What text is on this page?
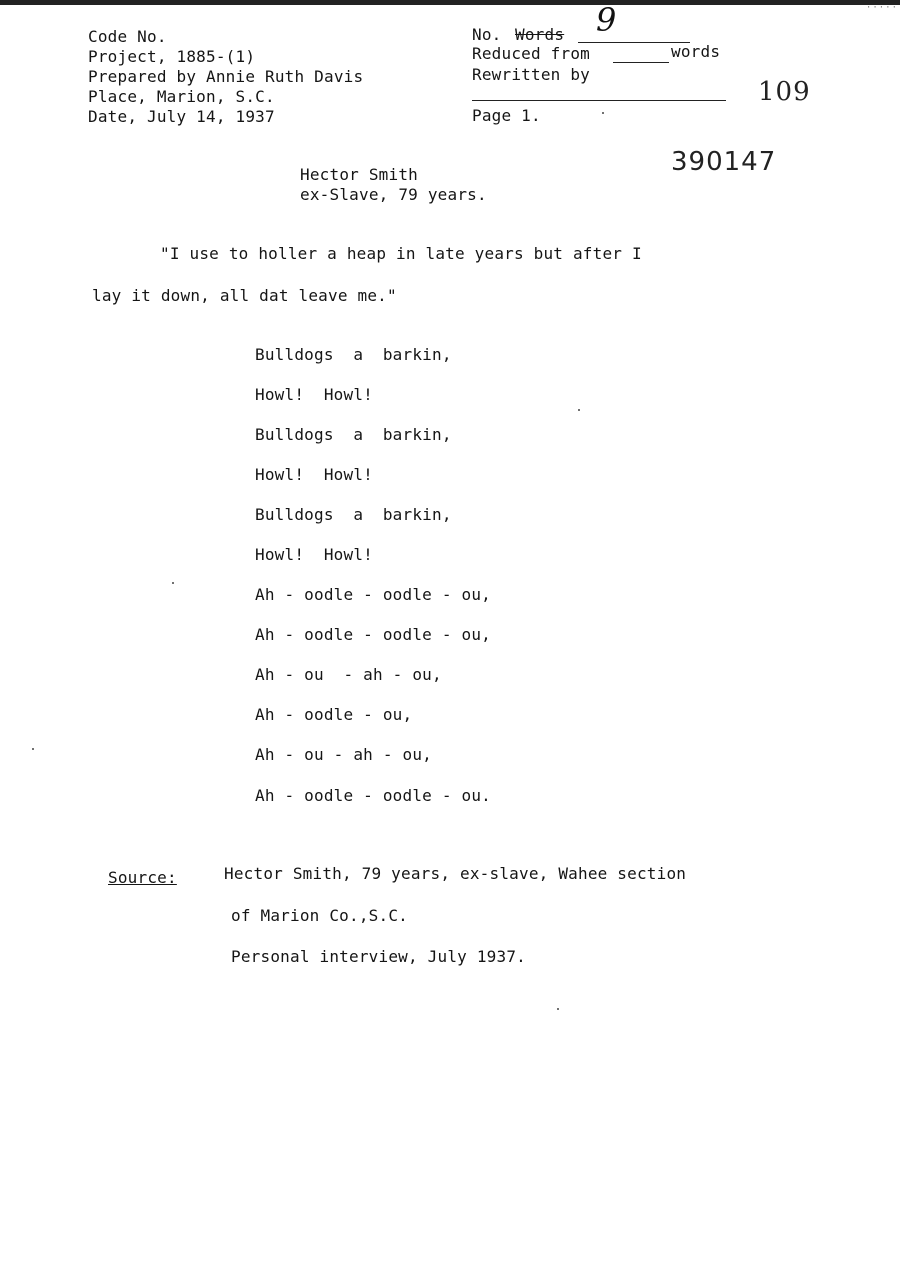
·····
Code No.
Project, 1885-(1)
Prepared by Annie Ruth Davis
Place, Marion, S.C.
Date, July 14, 1937
No. Words 9
Reduced from	words
Rewritten by
Page 1.
109
390147
Hector Smith
ex-Slave, 79 years.
"I use to holler a heap in late years but after I
lay it down, all dat leave me."
Bulldogs  a  barkin,
Howl!  Howl!
Bulldogs  a  barkin,
Howl!  Howl!
Bulldogs  a  barkin,
Howl!  Howl!
Ah - oodle - oodle - ou,
Ah - oodle - oodle - ou,
Ah - ou  - ah - ou,
Ah - oodle - ou,
Ah - ou - ah - ou,
Ah - oodle - oodle - ou.
Source:	Hector Smith, 79 years, ex-slave, Wahee section
of Marion Co.,S.C.
Personal interview, July 1937.
